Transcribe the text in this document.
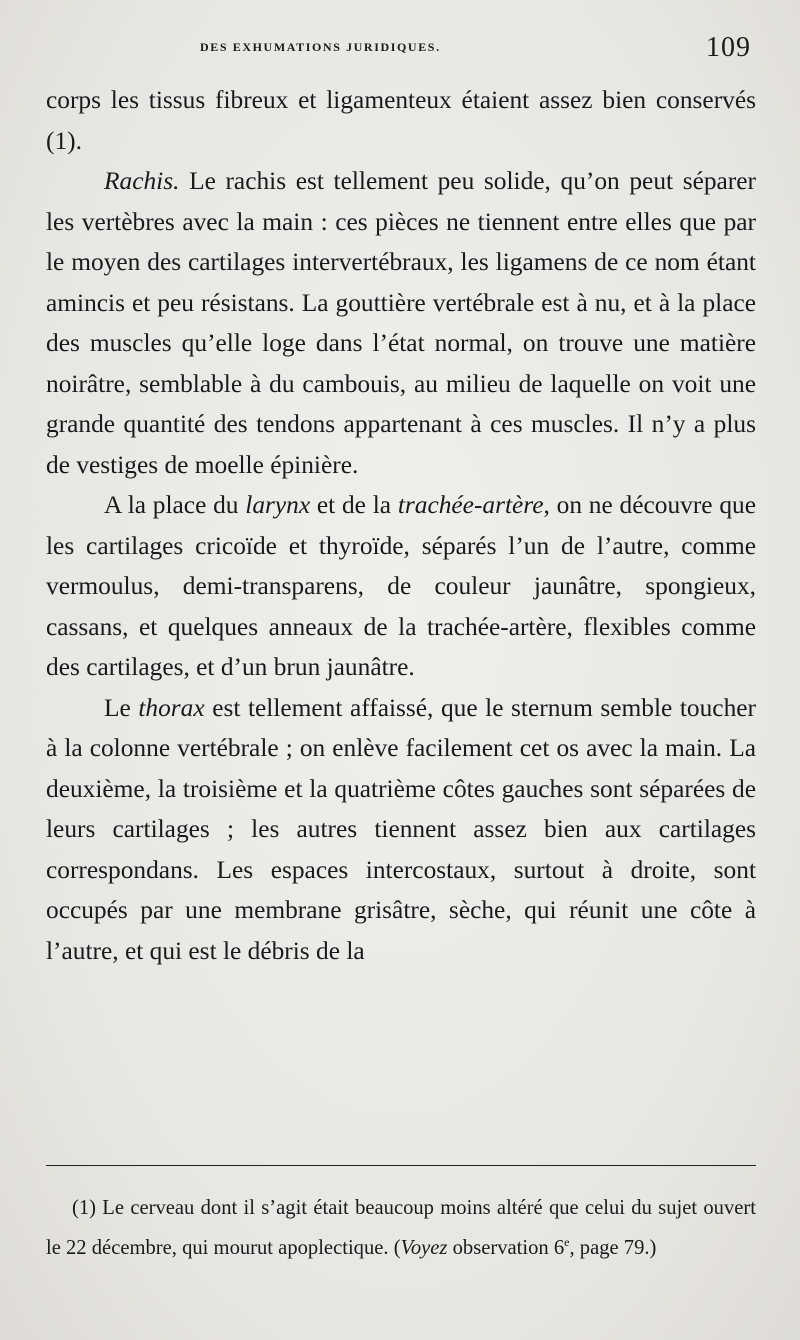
des exhumations juridiques.	109

corps les tissus fibreux et ligamenteux étaient assez bien conservés (1).

Rachis. Le rachis est tellement peu solide, qu’on peut séparer les vertèbres avec la main : ces pièces ne tiennent entre elles que par le moyen des cartilages intervertébraux, les ligamens de ce nom étant amincis et peu résistans. La gouttière vertébrale est à nu, et à la place des muscles qu’elle loge dans l’état normal, on trouve une matière noirâtre, semblable à du cambouis, au milieu de laquelle on voit une grande quantité des tendons appartenant à ces muscles. Il n’y a plus de vestiges de moelle épinière.

A la place du larynx et de la trachée-artère, on ne découvre que les cartilages cricoïde et thyroïde, séparés l’un de l’autre, comme vermoulus, demi-transparens, de couleur jaunâtre, spongieux, cassans, et quelques anneaux de la trachée-artère, flexibles comme des cartilages, et d’un brun jaunâtre.

Le thorax est tellement affaissé, que le sternum semble toucher à la colonne vertébrale ; on enlève facilement cet os avec la main. La deuxième, la troisième et la quatrième côtes gauches sont séparées de leurs cartilages ; les autres tiennent assez bien aux cartilages correspondans. Les espaces intercostaux, surtout à droite, sont occupés par une membrane grisâtre, sèche, qui réunit une côte à l’autre, et qui est le débris de la

(1) Le cerveau dont il s’agit était beaucoup moins altéré que celui du sujet ouvert le 22 décembre, qui mourut apoplectique. (Voyez observation 6e, page 79.)
